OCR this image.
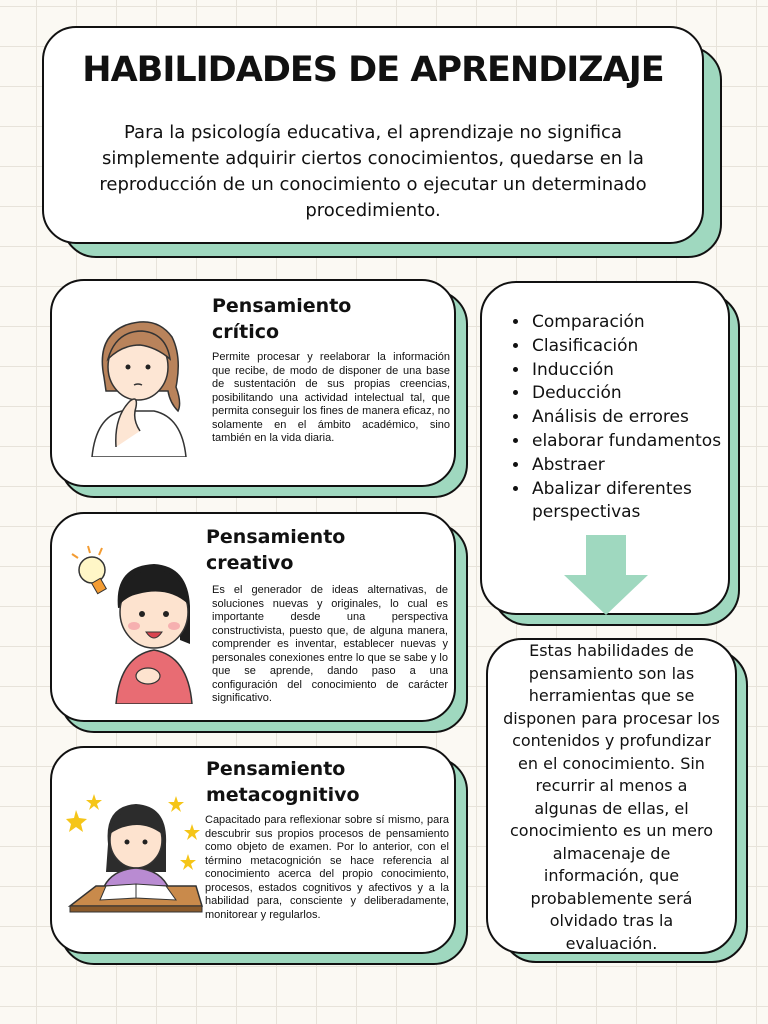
HABILIDADES DE APRENDIZAJE
Para la psicología educativa, el aprendizaje no significa simplemente adquirir ciertos conocimientos, quedarse en la reproducción de un conocimiento o ejecutar un determinado procedimiento.
Pensamiento
crítico
Permite procesar y reelaborar la información que recibe, de modo de disponer de una base de sustentación de sus propias creencias, posibilitando una actividad intelectual tal, que permita conseguir los fines de manera eficaz, no solamente en el ámbito académico, sino también en la vida diaria.
Pensamiento
creativo
Es el generador de ideas alternativas, de soluciones nuevas y originales, lo cual es importante desde una perspectiva constructivista, puesto que, de alguna manera, comprender es inventar, establecer nuevas y personales conexiones entre lo que se sabe y lo que se aprende, dando paso a una configuración del conocimiento de carácter significativo.
Pensamiento
metacognitivo
Capacitado para reflexionar sobre sí mismo, para descubrir sus propios procesos de pensamiento como objeto de examen. Por lo anterior, con el término metacognición se hace referencia al conocimiento acerca del propio conocimiento, procesos, estados cognitivos y afectivos y a la habilidad para, consciente y deliberadamente, monitorear y regularlos.
• Comparación
• Clasificación
• Inducción
• Deducción
• Análisis de errores
• elaborar fundamentos
• Abstraer
• Abalizar diferentes perspectivas
Estas habilidades de pensamiento son las herramientas que se disponen para procesar los contenidos y profundizar en el conocimiento. Sin recurrir al menos a algunas de ellas, el conocimiento es un mero almacenaje de información, que probablemente será olvidado tras la evaluación.
